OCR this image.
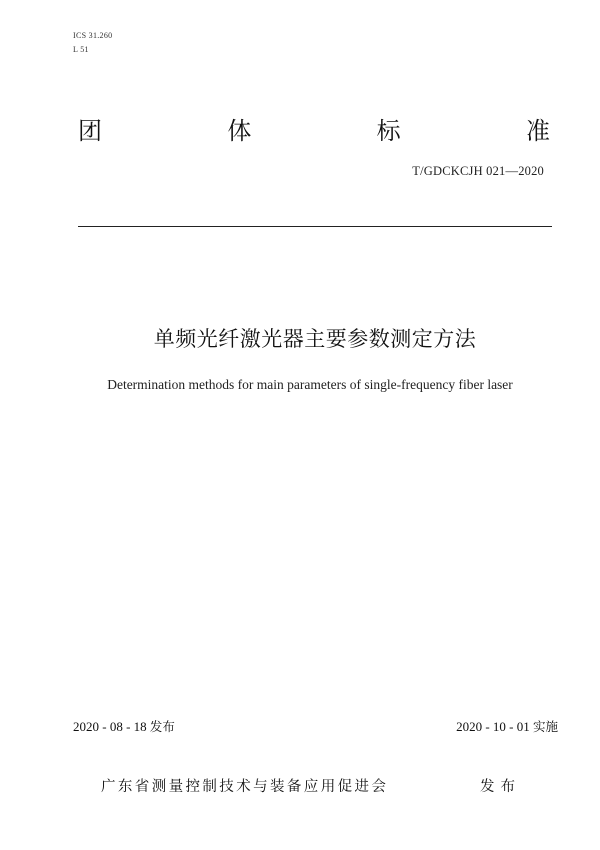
ICS 31.260
L 51
团	体	标	准
T/GDCKCJH 021—2020
单频光纤激光器主要参数测定方法
Determination methods for main parameters of single-frequency fiber laser
2020 - 08 - 18 发布	2020 - 10 - 01 实施
广东省测量控制技术与装备应用促进会	发布
